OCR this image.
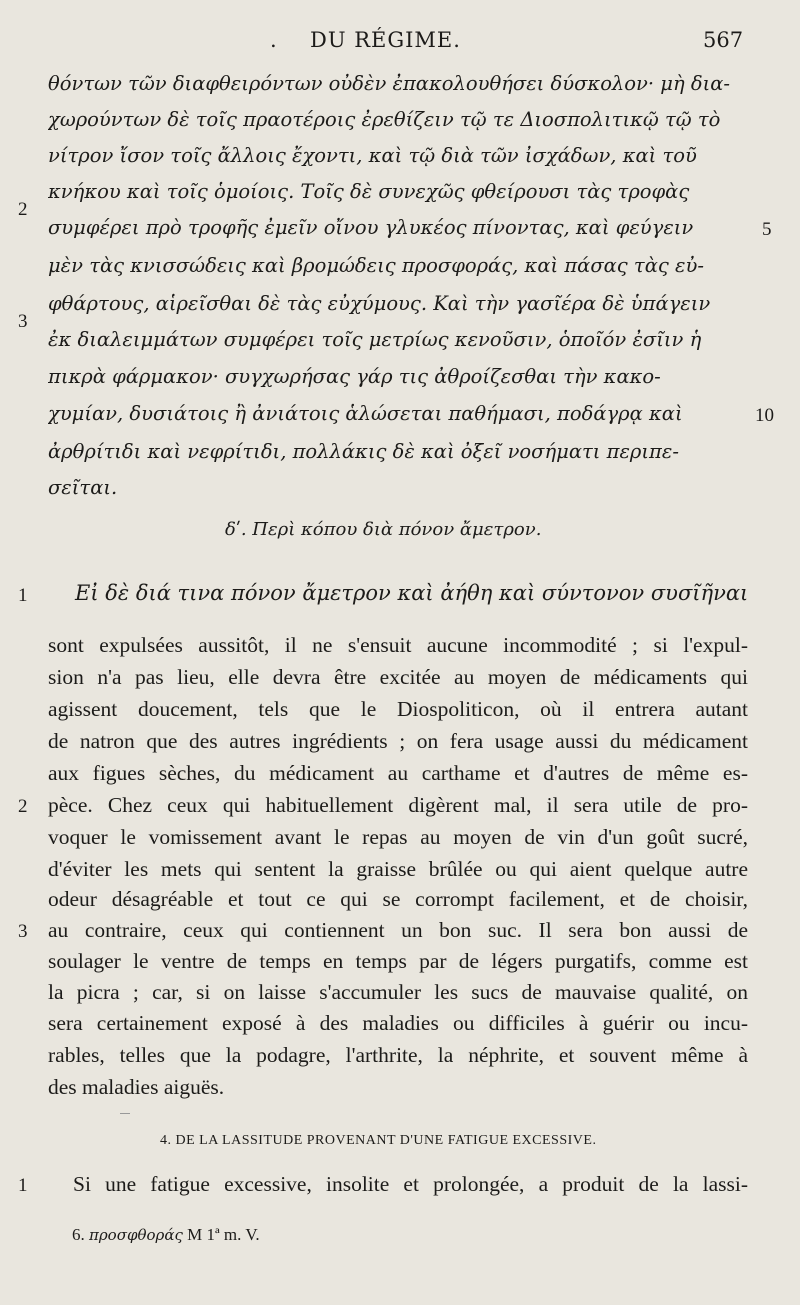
. DU RÉGIME.	567
θόντων τῶν διαφθειρόντων οὐδὲν ἐπακολουθήσει δύσκολον· μὴ δια-
χωρούντων δὲ τοῖς πραοτέροις ἐρεθίζειν τῷ τε Διοσπολιτικῷ τῷ τὸ
νίτρον ἴσον τοῖς ἄλλοις ἔχοντι, καὶ τῷ διὰ τῶν ἰσχάδων, καὶ τοῦ
κνήκου καὶ τοῖς ὁμοίοις. Τοῖς δὲ συνεχῶς φθείρουσι τὰς τροφὰς
συμφέρει πρὸ τροφῆς ἐμεῖν οἴνου γλυκέος πίνοντας, καὶ φεύγειν
μὲν τὰς κνισσώδεις καὶ βρομώδεις προσφοράς, καὶ πάσας τὰς εὐ-
φθάρτους, αἱρεῖσθαι δὲ τὰς εὐχύμους. Καὶ τὴν γασῖέρα δὲ ὑπάγειν
ἐκ διαλειμμάτων συμφέρει τοῖς μετρίως κενοῦσιν, ὁποῖόν ἐσῖιν ἡ
πικρὰ φάρμακον· συγχωρήσας γάρ τις ἀθροίζεσθαι τὴν κακο-
χυμίαν, δυσιάτοις ἢ ἀνιάτοις ἁλώσεται παθήμασι, ποδάγρᾳ καὶ
ἀρθρίτιδι καὶ νεφρίτιδι, πολλάκις δὲ καὶ ὀξεῖ νοσήματι περιπε-
σεῖται.
2
3
5
10
δʹ. Περὶ κόπου διὰ πόνον ἄμετρον.
1	Εἰ δὲ διά τινα πόνον ἄμετρον καὶ ἀήθη καὶ σύντονον συσῖῆναι
sont expulsées aussitôt, il ne s'ensuit aucune incommodité ; si l'expul-
sion n'a pas lieu, elle devra être excitée au moyen de médicaments qui
agissent doucement, tels que le Diospoliticon, où il entrera autant
de natron que des autres ingrédients ; on fera usage aussi du médicament
aux figues sèches, du médicament au carthame et d'autres de même es-
pèce. Chez ceux qui habituellement digèrent mal, il sera utile de pro-
voquer le vomissement avant le repas au moyen de vin d'un goût sucré,
d'éviter les mets qui sentent la graisse brûlée ou qui aient quelque autre
odeur désagréable et tout ce qui se corrompt facilement, et de choisir,
au contraire, ceux qui contiennent un bon suc. Il sera bon aussi de
soulager le ventre de temps en temps par de légers purgatifs, comme est
la picra ; car, si on laisse s'accumuler les sucs de mauvaise qualité, on
sera certainement exposé à des maladies ou difficiles à guérir ou incu-
rables, telles que la podagre, l'arthrite, la néphrite, et souvent même à
des maladies aiguës.
2
3
4. DE LA LASSITUDE PROVENANT D'UNE FATIGUE EXCESSIVE.
1	Si une fatigue excessive, insolite et prolongée, a produit de la lassi-
6. προσφθοράς M 1ª m. V.
